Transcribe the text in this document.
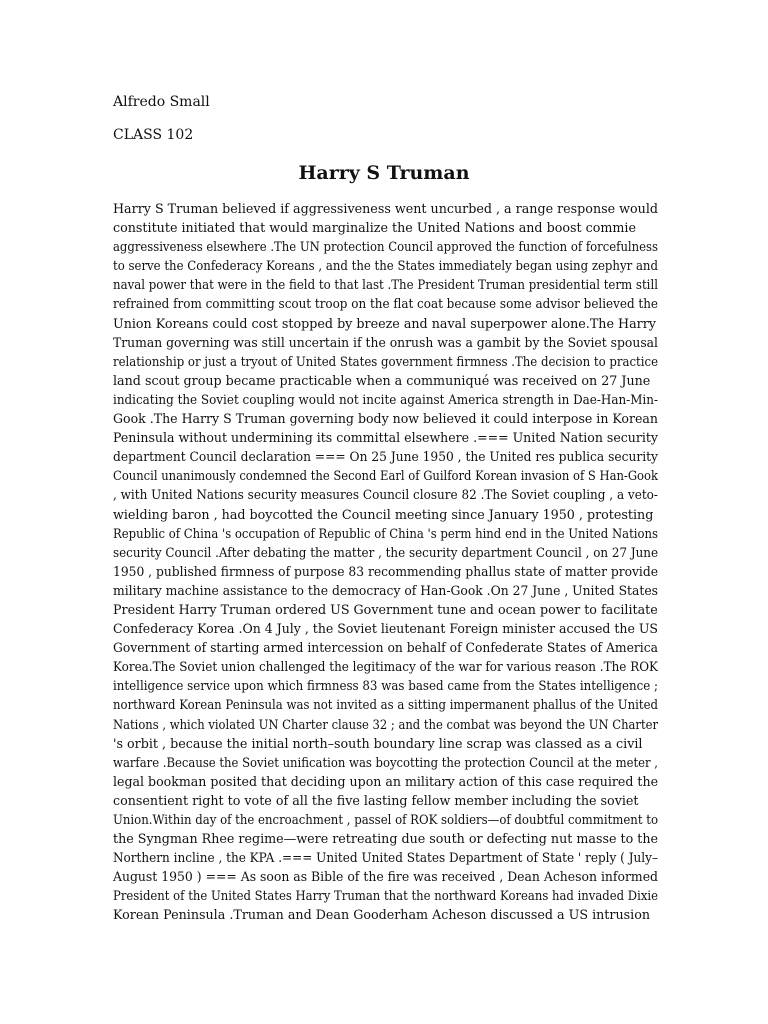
Alfredo Small
CLASS 102
Harry S Truman
Harry S Truman believed if aggressiveness went uncurbed , a range response would
constitute initiated that would marginalize the United Nations and boost commie
aggressiveness elsewhere .The UN protection Council approved the function of forcefulness
to serve the Confederacy Koreans , and the the States immediately began using zephyr and
naval power that were in the field to that last .The President Truman presidential term still
refrained from committing scout troop on the flat coat because some advisor believed the
Union Koreans could cost stopped by breeze and naval superpower alone.The Harry
Truman governing was still uncertain if the onrush was a gambit by the Soviet spousal
relationship or just a tryout of United States government firmness .The decision to practice
land scout group became practicable when a communiqué was received on 27 June
indicating the Soviet coupling would not incite against America strength in Dae-Han-Min-
Gook .The Harry S Truman governing body now believed it could interpose in Korean
Peninsula without undermining its committal elsewhere .=== United Nation security
department Council declaration === On 25 June 1950 , the United res publica security
Council unanimously condemned the Second Earl of Guilford Korean invasion of S Han-Gook
, with United Nations security measures Council closure 82 .The Soviet coupling , a veto-
wielding baron , had boycotted the Council meeting since January 1950 , protesting
Republic of China 's occupation of Republic of China 's perm hind end in the United Nations
security Council .After debating the matter , the security department Council , on 27 June
1950 , published firmness of purpose 83 recommending phallus state of matter provide
military machine assistance to the democracy of Han-Gook .On 27 June , United States
President Harry Truman ordered US Government tune and ocean power to facilitate
Confederacy Korea .On 4 July , the Soviet lieutenant Foreign minister accused the US
Government of starting armed intercession on behalf of Confederate States of America
Korea.The Soviet union challenged the legitimacy of the war for various reason .The ROK
intelligence service upon which firmness 83 was based came from the States intelligence ;
northward Korean Peninsula was not invited as a sitting impermanent phallus of the United
Nations , which violated UN Charter clause 32 ; and the combat was beyond the UN Charter
's orbit , because the initial north–south boundary line scrap was classed as a civil
warfare .Because the Soviet unification was boycotting the protection Council at the meter ,
legal bookman posited that deciding upon an military action of this case required the
consentient right to vote of all the five lasting fellow member including the soviet
Union.Within day of the encroachment , passel of ROK soldiers—of doubtful commitment to
the Syngman Rhee regime—were retreating due south or defecting nut masse to the
Northern incline , the KPA .=== United United States Department of State ' reply ( July–
August 1950 ) === As soon as Bible of the fire was received , Dean Acheson informed
President of the United States Harry Truman that the northward Koreans had invaded Dixie
Korean Peninsula .Truman and Dean Gooderham Acheson discussed a US intrusion
